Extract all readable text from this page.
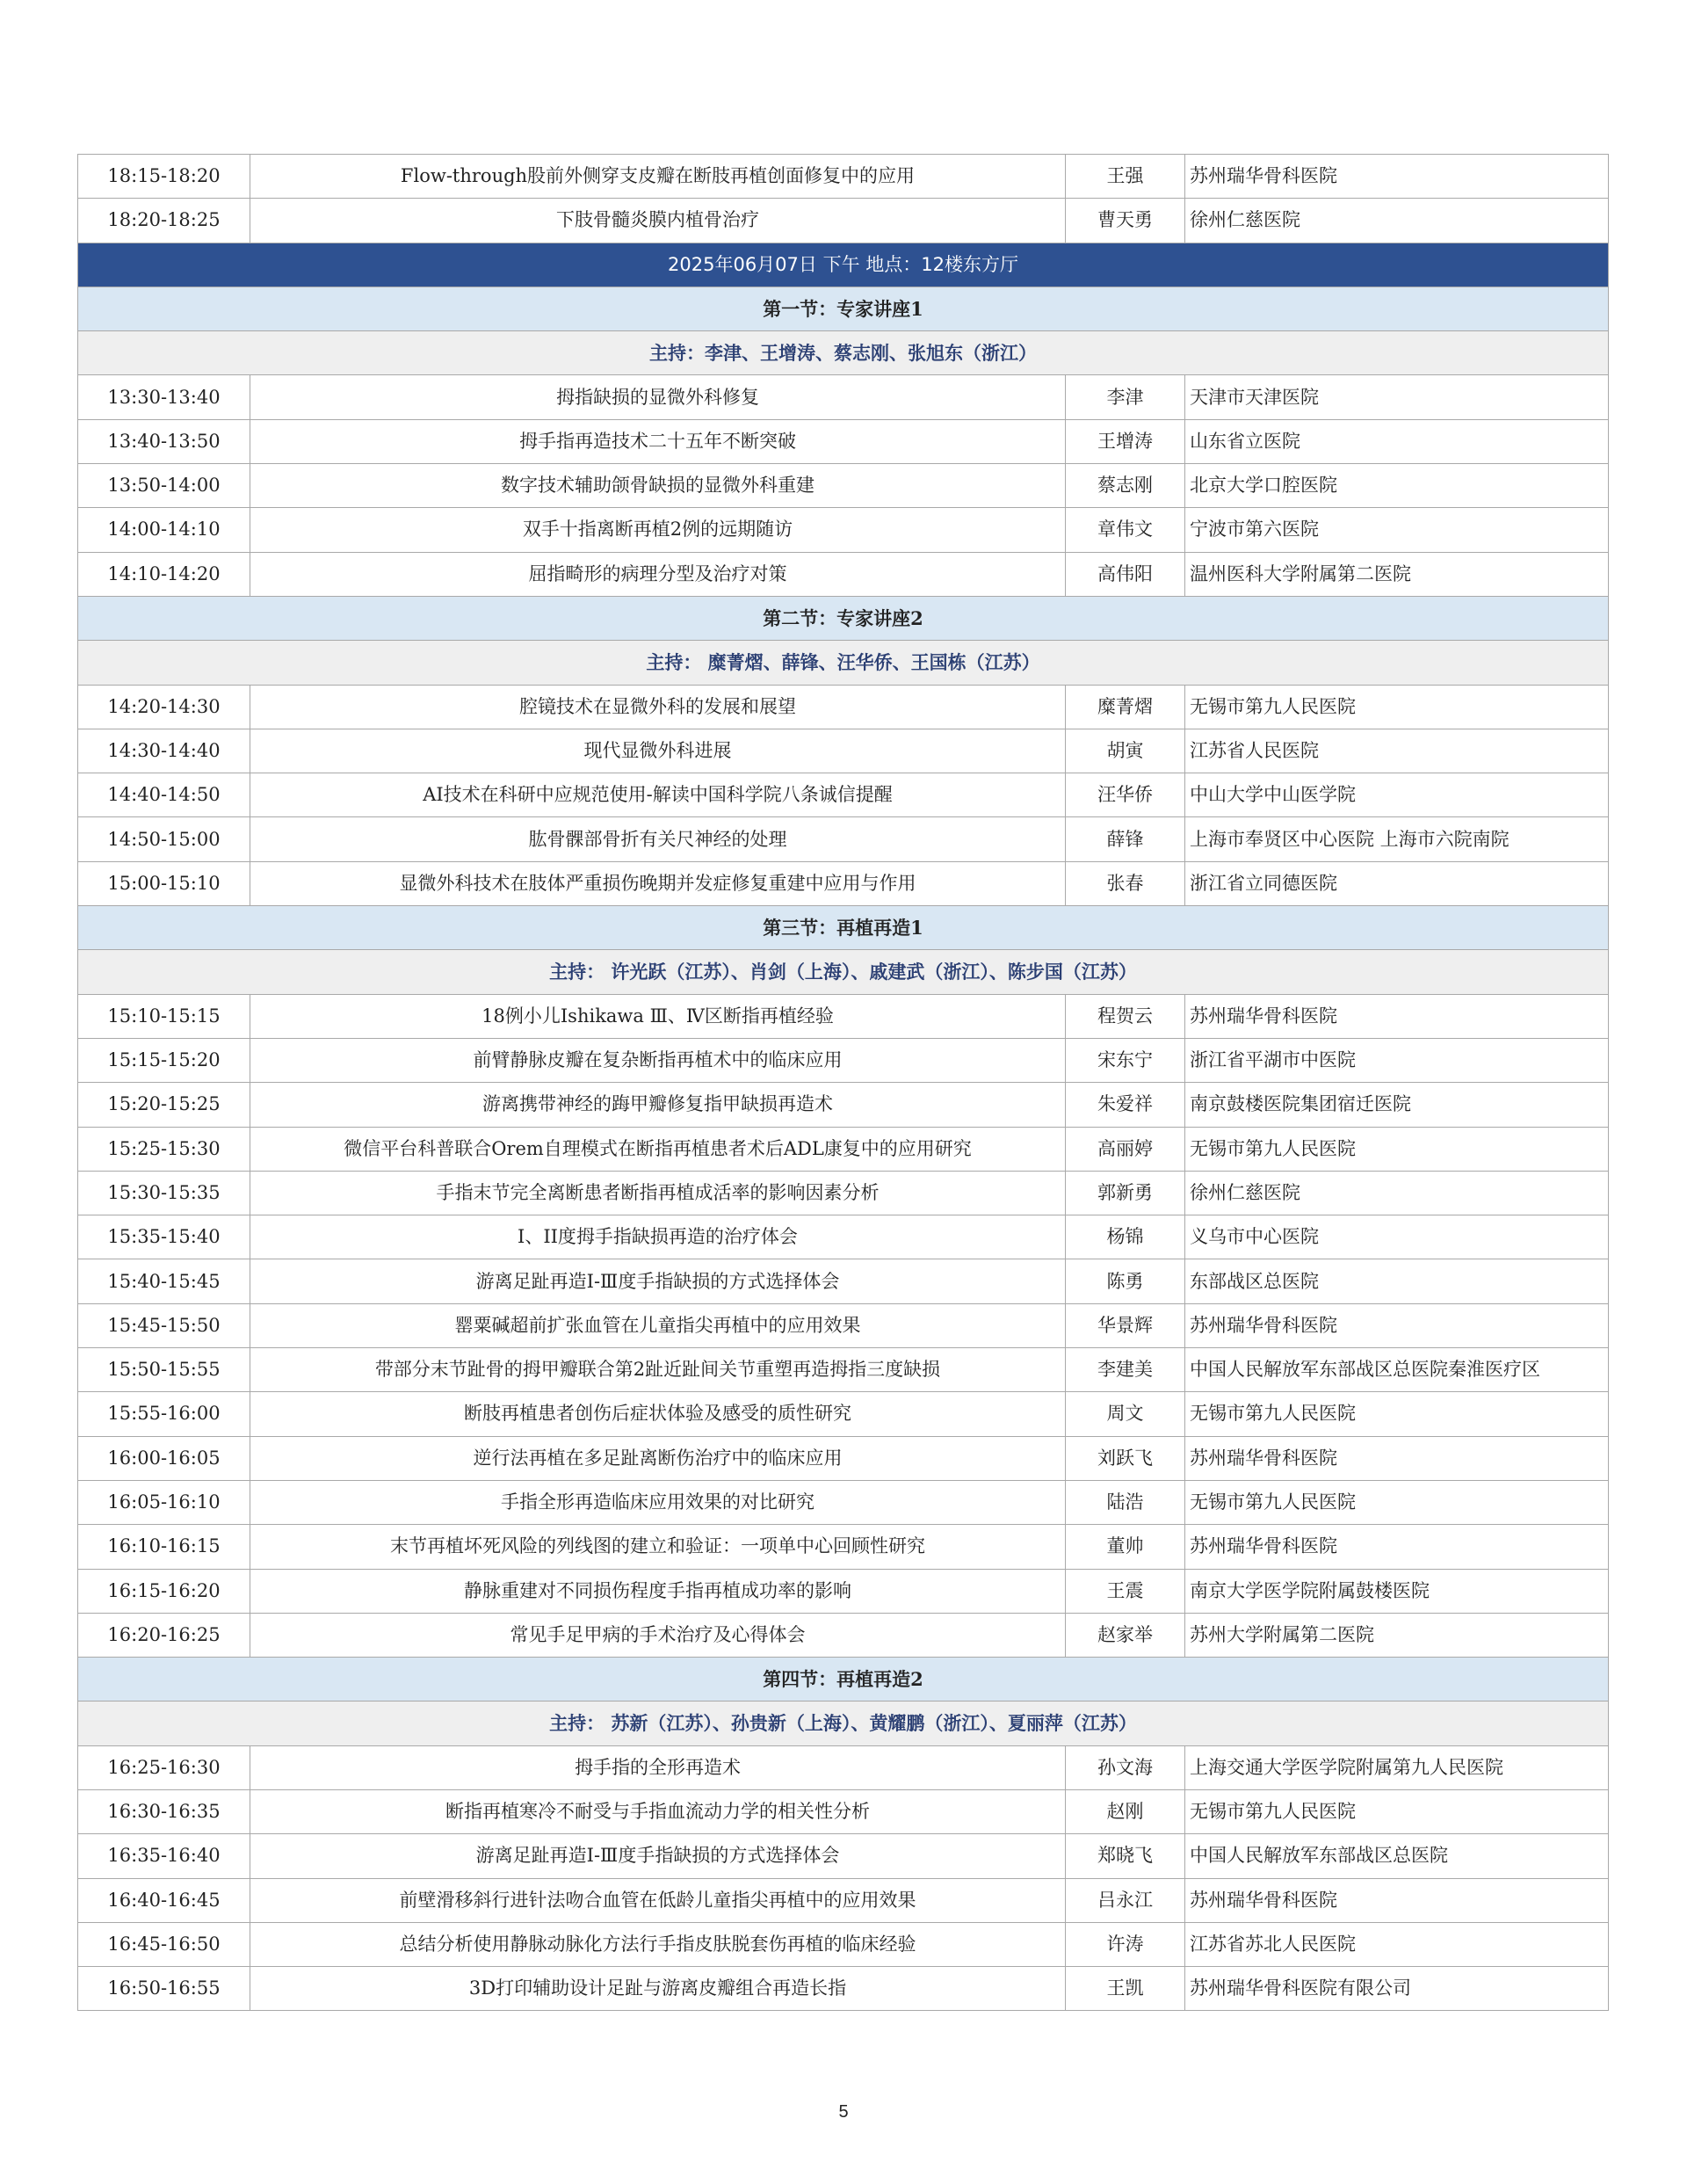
18:15-18:20	Flow-through股前外侧穿支皮瓣在断肢再植创面修复中的应用	王强	苏州瑞华骨科医院
18:20-18:25	下肢骨髓炎膜内植骨治疗	曹天勇	徐州仁慈医院
2025年06月07日 下午 地点：12楼东方厅			
第一节：专家讲座1			
主持：李津、王增涛、蔡志刚、张旭东（浙江）			
13:30-13:40	拇指缺损的显微外科修复	李津	天津市天津医院
13:40-13:50	拇手指再造技术二十五年不断突破	王增涛	山东省立医院
13:50-14:00	数字技术辅助颌骨缺损的显微外科重建	蔡志刚	北京大学口腔医院
14:00-14:10	双手十指离断再植2例的远期随访	章伟文	宁波市第六医院
14:10-14:20	屈指畸形的病理分型及治疗对策	高伟阳	温州医科大学附属第二医院
第二节：专家讲座2			
主持： 糜菁熠、薛锋、汪华侨、王国栋（江苏）			
14:20-14:30	腔镜技术在显微外科的发展和展望	糜菁熠	无锡市第九人民医院
14:30-14:40	现代显微外科进展	胡寅	江苏省人民医院
14:40-14:50	AI技术在科研中应规范使用-解读中国科学院八条诚信提醒	汪华侨	中山大学中山医学院
14:50-15:00	肱骨髁部骨折有关尺神经的处理	薛锋	上海市奉贤区中心医院 上海市六院南院
15:00-15:10	显微外科技术在肢体严重损伤晚期并发症修复重建中应用与作用	张春	浙江省立同德医院
第三节：再植再造1			
主持： 许光跃（江苏）、肖剑（上海）、戚建武（浙江）、陈步国（江苏）			
15:10-15:15	18例小儿Ishikawa Ⅲ、Ⅳ区断指再植经验	程贺云	苏州瑞华骨科医院
15:15-15:20	前臂静脉皮瓣在复杂断指再植术中的临床应用	宋东宁	浙江省平湖市中医院
15:20-15:25	游离携带神经的踇甲瓣修复指甲缺损再造术	朱爱祥	南京鼓楼医院集团宿迁医院
15:25-15:30	微信平台科普联合Orem自理模式在断指再植患者术后ADL康复中的应用研究	高丽婷	无锡市第九人民医院
15:30-15:35	手指末节完全离断患者断指再植成活率的影响因素分析	郭新勇	徐州仁慈医院
15:35-15:40	I、II度拇手指缺损再造的治疗体会	杨锦	义乌市中心医院
15:40-15:45	游离足趾再造Ⅰ-Ⅲ度手指缺损的方式选择体会	陈勇	东部战区总医院
15:45-15:50	罂粟碱超前扩张血管在儿童指尖再植中的应用效果	华景辉	苏州瑞华骨科医院
15:50-15:55	带部分末节趾骨的拇甲瓣联合第2趾近趾间关节重塑再造拇指三度缺损	李建美	中国人民解放军东部战区总医院秦淮医疗区
15:55-16:00	断肢再植患者创伤后症状体验及感受的质性研究	周文	无锡市第九人民医院
16:00-16:05	逆行法再植在多足趾离断伤治疗中的临床应用	刘跃飞	苏州瑞华骨科医院
16:05-16:10	手指全形再造临床应用效果的对比研究	陆浩	无锡市第九人民医院
16:10-16:15	末节再植坏死风险的列线图的建立和验证：一项单中心回顾性研究	董帅	苏州瑞华骨科医院
16:15-16:20	静脉重建对不同损伤程度手指再植成功率的影响	王震	南京大学医学院附属鼓楼医院
16:20-16:25	常见手足甲病的手术治疗及心得体会	赵家举	苏州大学附属第二医院
第四节：再植再造2			
主持： 苏新（江苏）、孙贵新（上海）、黄耀鹏（浙江）、夏丽萍（江苏）			
16:25-16:30	拇手指的全形再造术	孙文海	上海交通大学医学院附属第九人民医院
16:30-16:35	断指再植寒冷不耐受与手指血流动力学的相关性分析	赵刚	无锡市第九人民医院
16:35-16:40	游离足趾再造Ⅰ-Ⅲ度手指缺损的方式选择体会	郑晓飞	中国人民解放军东部战区总医院
16:40-16:45	前壁滑移斜行进针法吻合血管在低龄儿童指尖再植中的应用效果	吕永江	苏州瑞华骨科医院
16:45-16:50	总结分析使用静脉动脉化方法行手指皮肤脱套伤再植的临床经验	许涛	江苏省苏北人民医院
16:50-16:55	3D打印辅助设计足趾与游离皮瓣组合再造长指	王凯	苏州瑞华骨科医院有限公司
5
